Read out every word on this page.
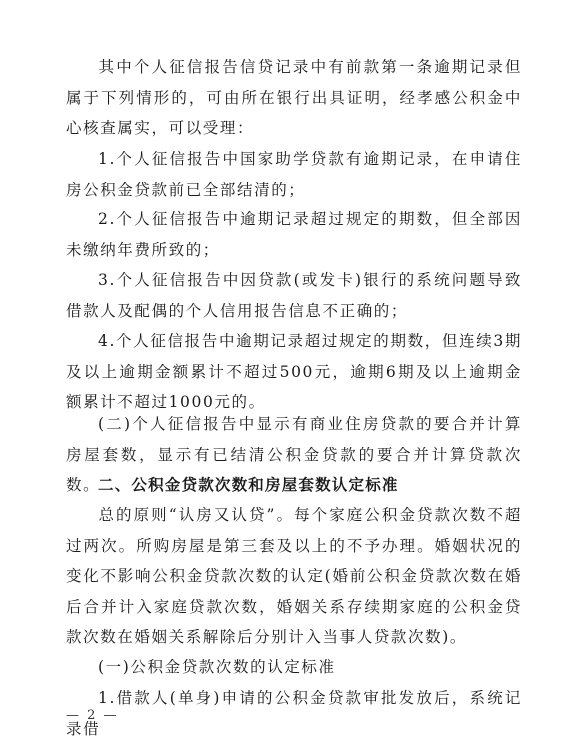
其中个人征信报告信贷记录中有前款第一条逾期记录但属于下列情形的，可由所在银行出具证明，经孝感公积金中心核查属实，可以受理：
1.个人征信报告中国家助学贷款有逾期记录，在申请住房公积金贷款前已全部结清的；
2.个人征信报告中逾期记录超过规定的期数，但全部因未缴纳年费所致的；
3.个人征信报告中因贷款(或发卡)银行的系统问题导致借款人及配偶的个人信用报告信息不正确的；
4.个人征信报告中逾期记录超过规定的期数，但连续3期及以上逾期金额累计不超过500元，逾期6期及以上逾期金额累计不超过1000元的。
(二)个人征信报告中显示有商业住房贷款的要合并计算房屋套数，显示有已结清公积金贷款的要合并计算贷款次数。
二、公积金贷款次数和房屋套数认定标准
总的原则“认房又认贷”。每个家庭公积金贷款次数不超过两次。所购房屋是第三套及以上的不予办理。婚姻状况的变化不影响公积金贷款次数的认定(婚前公积金贷款次数在婚后合并计入家庭贷款次数，婚姻关系存续期家庭的公积金贷款次数在婚姻关系解除后分别计入当事人贷款次数)。
(一)公积金贷款次数的认定标准
1.借款人(单身)申请的公积金贷款审批发放后，系统记录借
— 2 —
